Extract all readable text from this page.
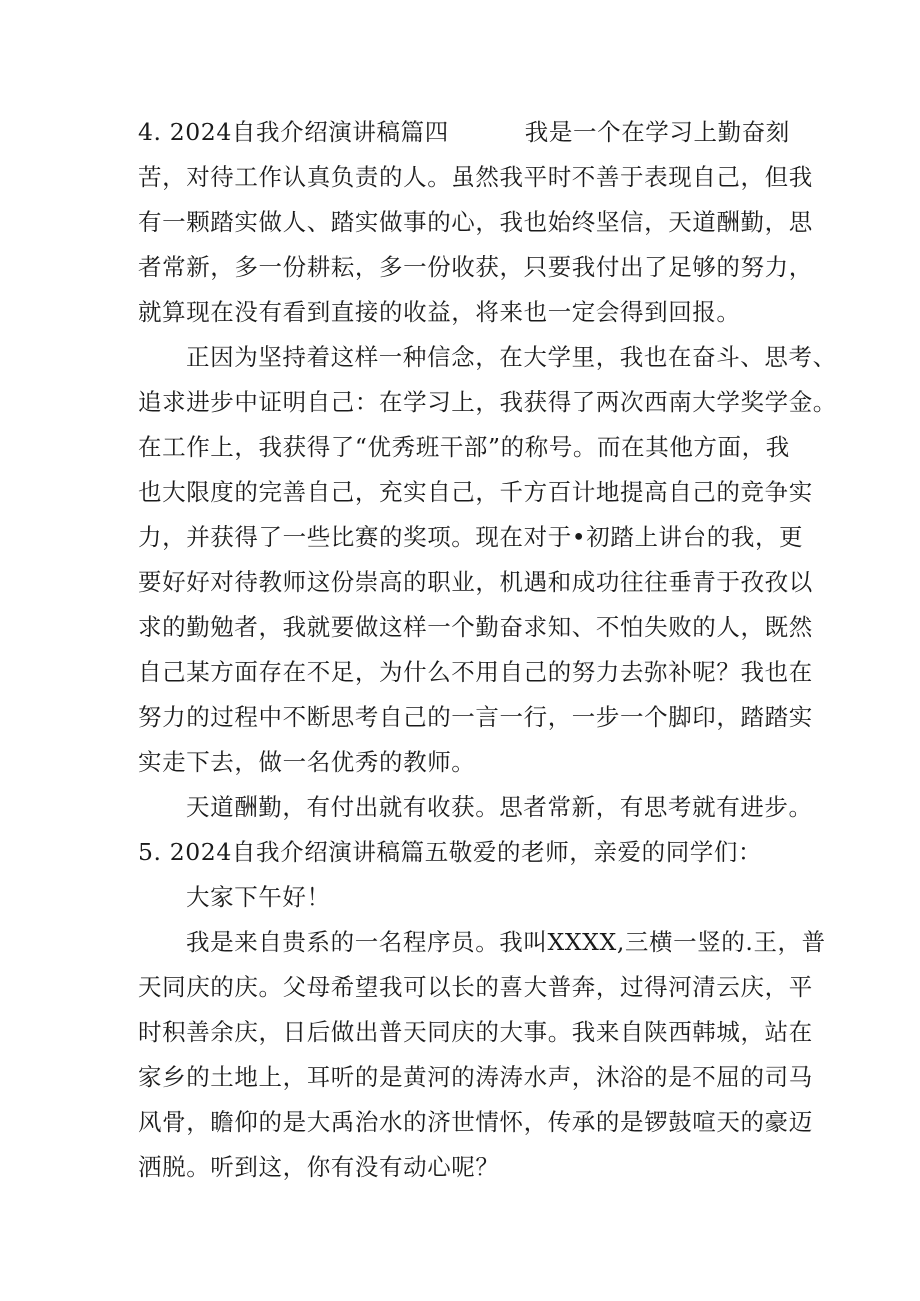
4. 2024自我介绍演讲稿篇四	我是一个在学习上勤奋刻
苦，对待工作认真负责的人。虽然我平时不善于表现自己，但我
有一颗踏实做人、踏实做事的心，我也始终坚信，天道酬勤，思
者常新，多一份耕耘，多一份收获，只要我付出了足够的努力，
就算现在没有看到直接的收益，将来也一定会得到回报。
正因为坚持着这样一种信念，在大学里，我也在奋斗、思考、
追求进步中证明自己：在学习上，我获得了两次西南大学奖学金。
在工作上，我获得了“优秀班干部”的称号。而在其他方面，我
也大限度的完善自己，充实自己，千方百计地提高自己的竞争实
力，并获得了一些比赛的奖项。现在对于•初踏上讲台的我，更
要好好对待教师这份崇高的职业，机遇和成功往往垂青于孜孜以
求的勤勉者，我就要做这样一个勤奋求知、不怕失败的人，既然
自己某方面存在不足，为什么不用自己的努力去弥补呢？我也在
努力的过程中不断思考自己的一言一行，一步一个脚印，踏踏实
实走下去，做一名优秀的教师。
天道酬勤，有付出就有收获。思者常新，有思考就有进步。
5. 2024自我介绍演讲稿篇五敬爱的老师，亲爱的同学们：
大家下午好！
我是来自贵系的一名程序员。我叫XXXX,三横一竖的.王，普
天同庆的庆。父母希望我可以长的喜大普奔，过得河清云庆，平
时积善余庆，日后做出普天同庆的大事。我来自陕西韩城，站在
家乡的土地上，耳听的是黄河的涛涛水声，沐浴的是不屈的司马
风骨，瞻仰的是大禹治水的济世情怀，传承的是锣鼓喧天的豪迈
洒脱。听到这，你有没有动心呢？
